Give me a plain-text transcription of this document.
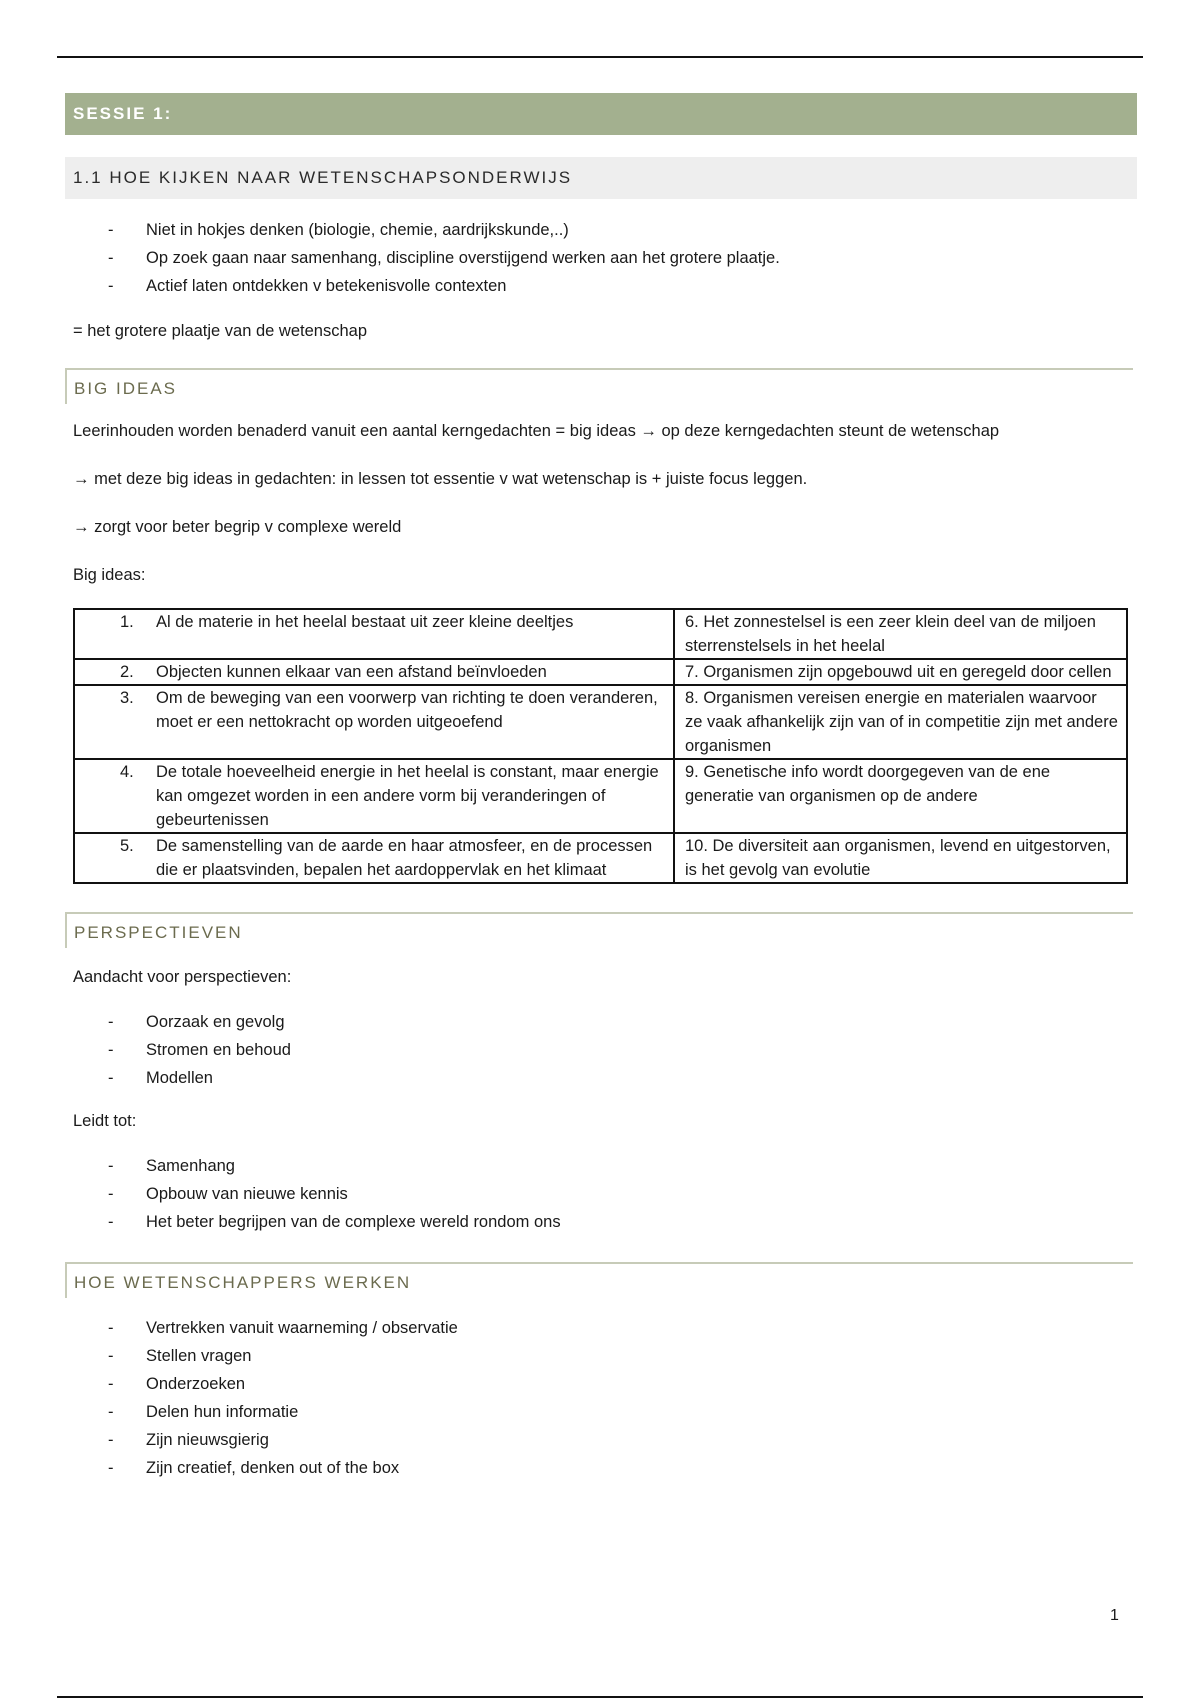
SESSIE 1:
1.1 HOE KIJKEN NAAR WETENSCHAPSONDERWIJS
- Niet in hokjes denken (biologie, chemie, aardrijkskunde,..)
- Op zoek gaan naar samenhang, discipline overstijgend werken aan het grotere plaatje.
- Actief laten ontdekken v betekenisvolle contexten

= het grotere plaatje van de wetenschap

BIG IDEAS

Leerinhouden worden benaderd vanuit een aantal kerngedachten = big ideas → op deze kerngedachten steunt de wetenschap

→ met deze big ideas in gedachten: in lessen tot essentie v wat wetenschap is + juiste focus leggen.

→ zorgt voor beter begrip v complexe wereld

Big ideas:

1. Al de materie in het heelal bestaat uit zeer kleine deeltjes	6. Het zonnestelsel is een zeer klein deel van de miljoen sterrenstelsels in het heelal

2. Objecten kunnen elkaar van een afstand beïnvloeden	7. Organismen zijn opgebouwd uit en geregeld door cellen

3. Om de beweging van een voorwerp van richting te doen veranderen, moet er een nettokracht op worden uitgeoefend	8. Organismen vereisen energie en materialen waarvoor ze vaak afhankelijk zijn van of in competitie zijn met andere organismen

4. De totale hoeveelheid energie in het heelal is constant, maar energie kan omgezet worden in een andere vorm bij veranderingen of gebeurtenissen	9. Genetische info wordt doorgegeven van de ene generatie van organismen op de andere

5. De samenstelling van de aarde en haar atmosfeer, en de processen die er plaatsvinden, bepalen het aardoppervlak en het klimaat	10. De diversiteit aan organismen, levend en uitgestorven, is het gevolg van evolutie
PERSPECTIEVEN

Aandacht voor perspectieven:

- Oorzaak en gevolg
- Stromen en behoud
- Modellen

Leidt tot:

- Samenhang
- Opbouw van nieuwe kennis
- Het beter begrijpen van de complexe wereld rondom ons
HOE WETENSCHAPPERS WERKEN
- Vertrekken vanuit waarneming / observatie
- Stellen vragen
- Onderzoeken
- Delen hun informatie
- Zijn nieuwsgierig
- Zijn creatief, denken out of the box
1
